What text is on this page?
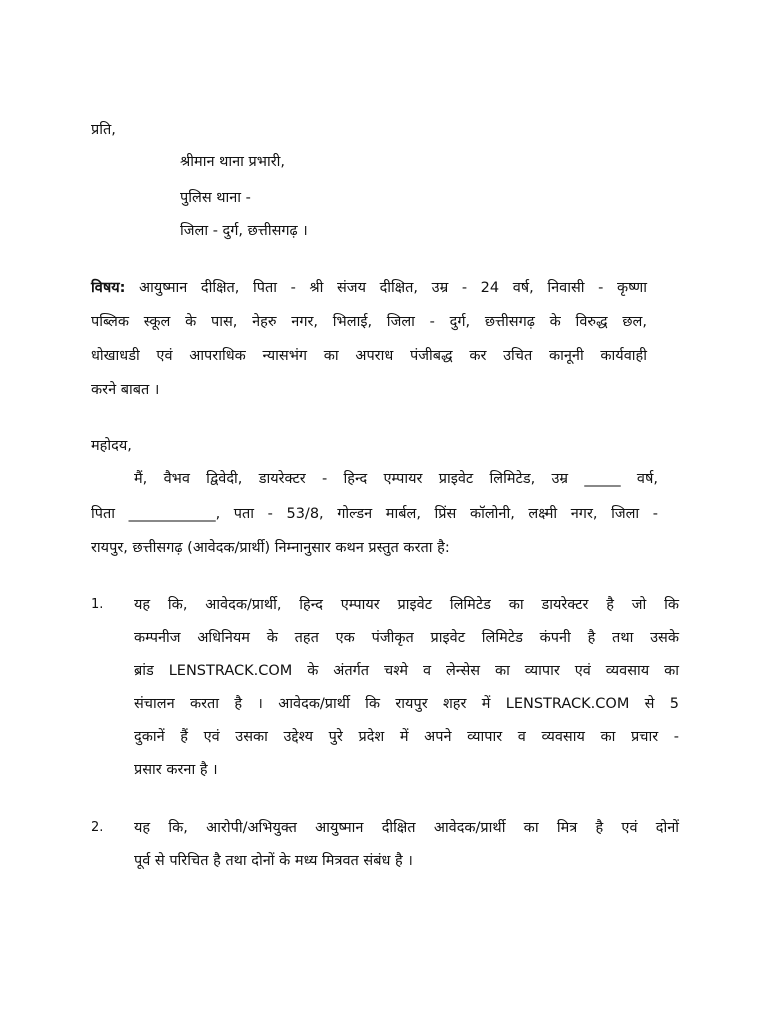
प्रति,
श्रीमान थाना प्रभारी,
पुलिस थाना -
जिला - दुर्ग, छत्तीसगढ़ ।
विषय: आयुष्मान दीक्षित, पिता - श्री संजय दीक्षित, उम्र - 24 वर्ष, निवासी - कृष्णा
पब्लिक स्कूल के पास, नेहरु नगर, भिलाई, जिला - दुर्ग, छत्तीसगढ़ के विरुद्ध छल,
धोखाधडी एवं आपराधिक न्यासभंग का अपराध पंजीबद्ध कर उचित कानूनी कार्यवाही
करने बाबत ।
महोदय,
मैं, वैभव द्विवेदी, डायरेक्टर - हिन्द एम्पायर प्राइवेट लिमिटेड, उम्र _____ वर्ष,
पिता ____________, पता - 53/8, गोल्डन मार्बल, प्रिंस कॉलोनी, लक्ष्मी नगर, जिला -
रायपुर, छत्तीसगढ़ (आवेदक/प्रार्थी) निम्नानुसार कथन प्रस्तुत करता है:
1. यह कि, आवेदक/प्रार्थी, हिन्द एम्पायर प्राइवेट लिमिटेड का डायरेक्टर है जो कि
कम्पनीज अधिनियम के तहत एक पंजीकृत प्राइवेट लिमिटेड कंपनी है तथा उसके
ब्रांड LENSTRACK.COM के अंतर्गत चश्मे व लेन्सेस का व्यापार एवं व्यवसाय का
संचालन करता है । आवेदक/प्रार्थी कि रायपुर शहर में LENSTRACK.COM से 5
दुकानें हैं एवं उसका उद्देश्य पुरे प्रदेश में अपने व्यापार व व्यवसाय का प्रचार -
प्रसार करना है ।
2. यह कि, आरोपी/अभियुक्त आयुष्मान दीक्षित आवेदक/प्रार्थी का मित्र है एवं दोनों
पूर्व से परिचित है तथा दोनों के मध्य मित्रवत संबंध है ।
